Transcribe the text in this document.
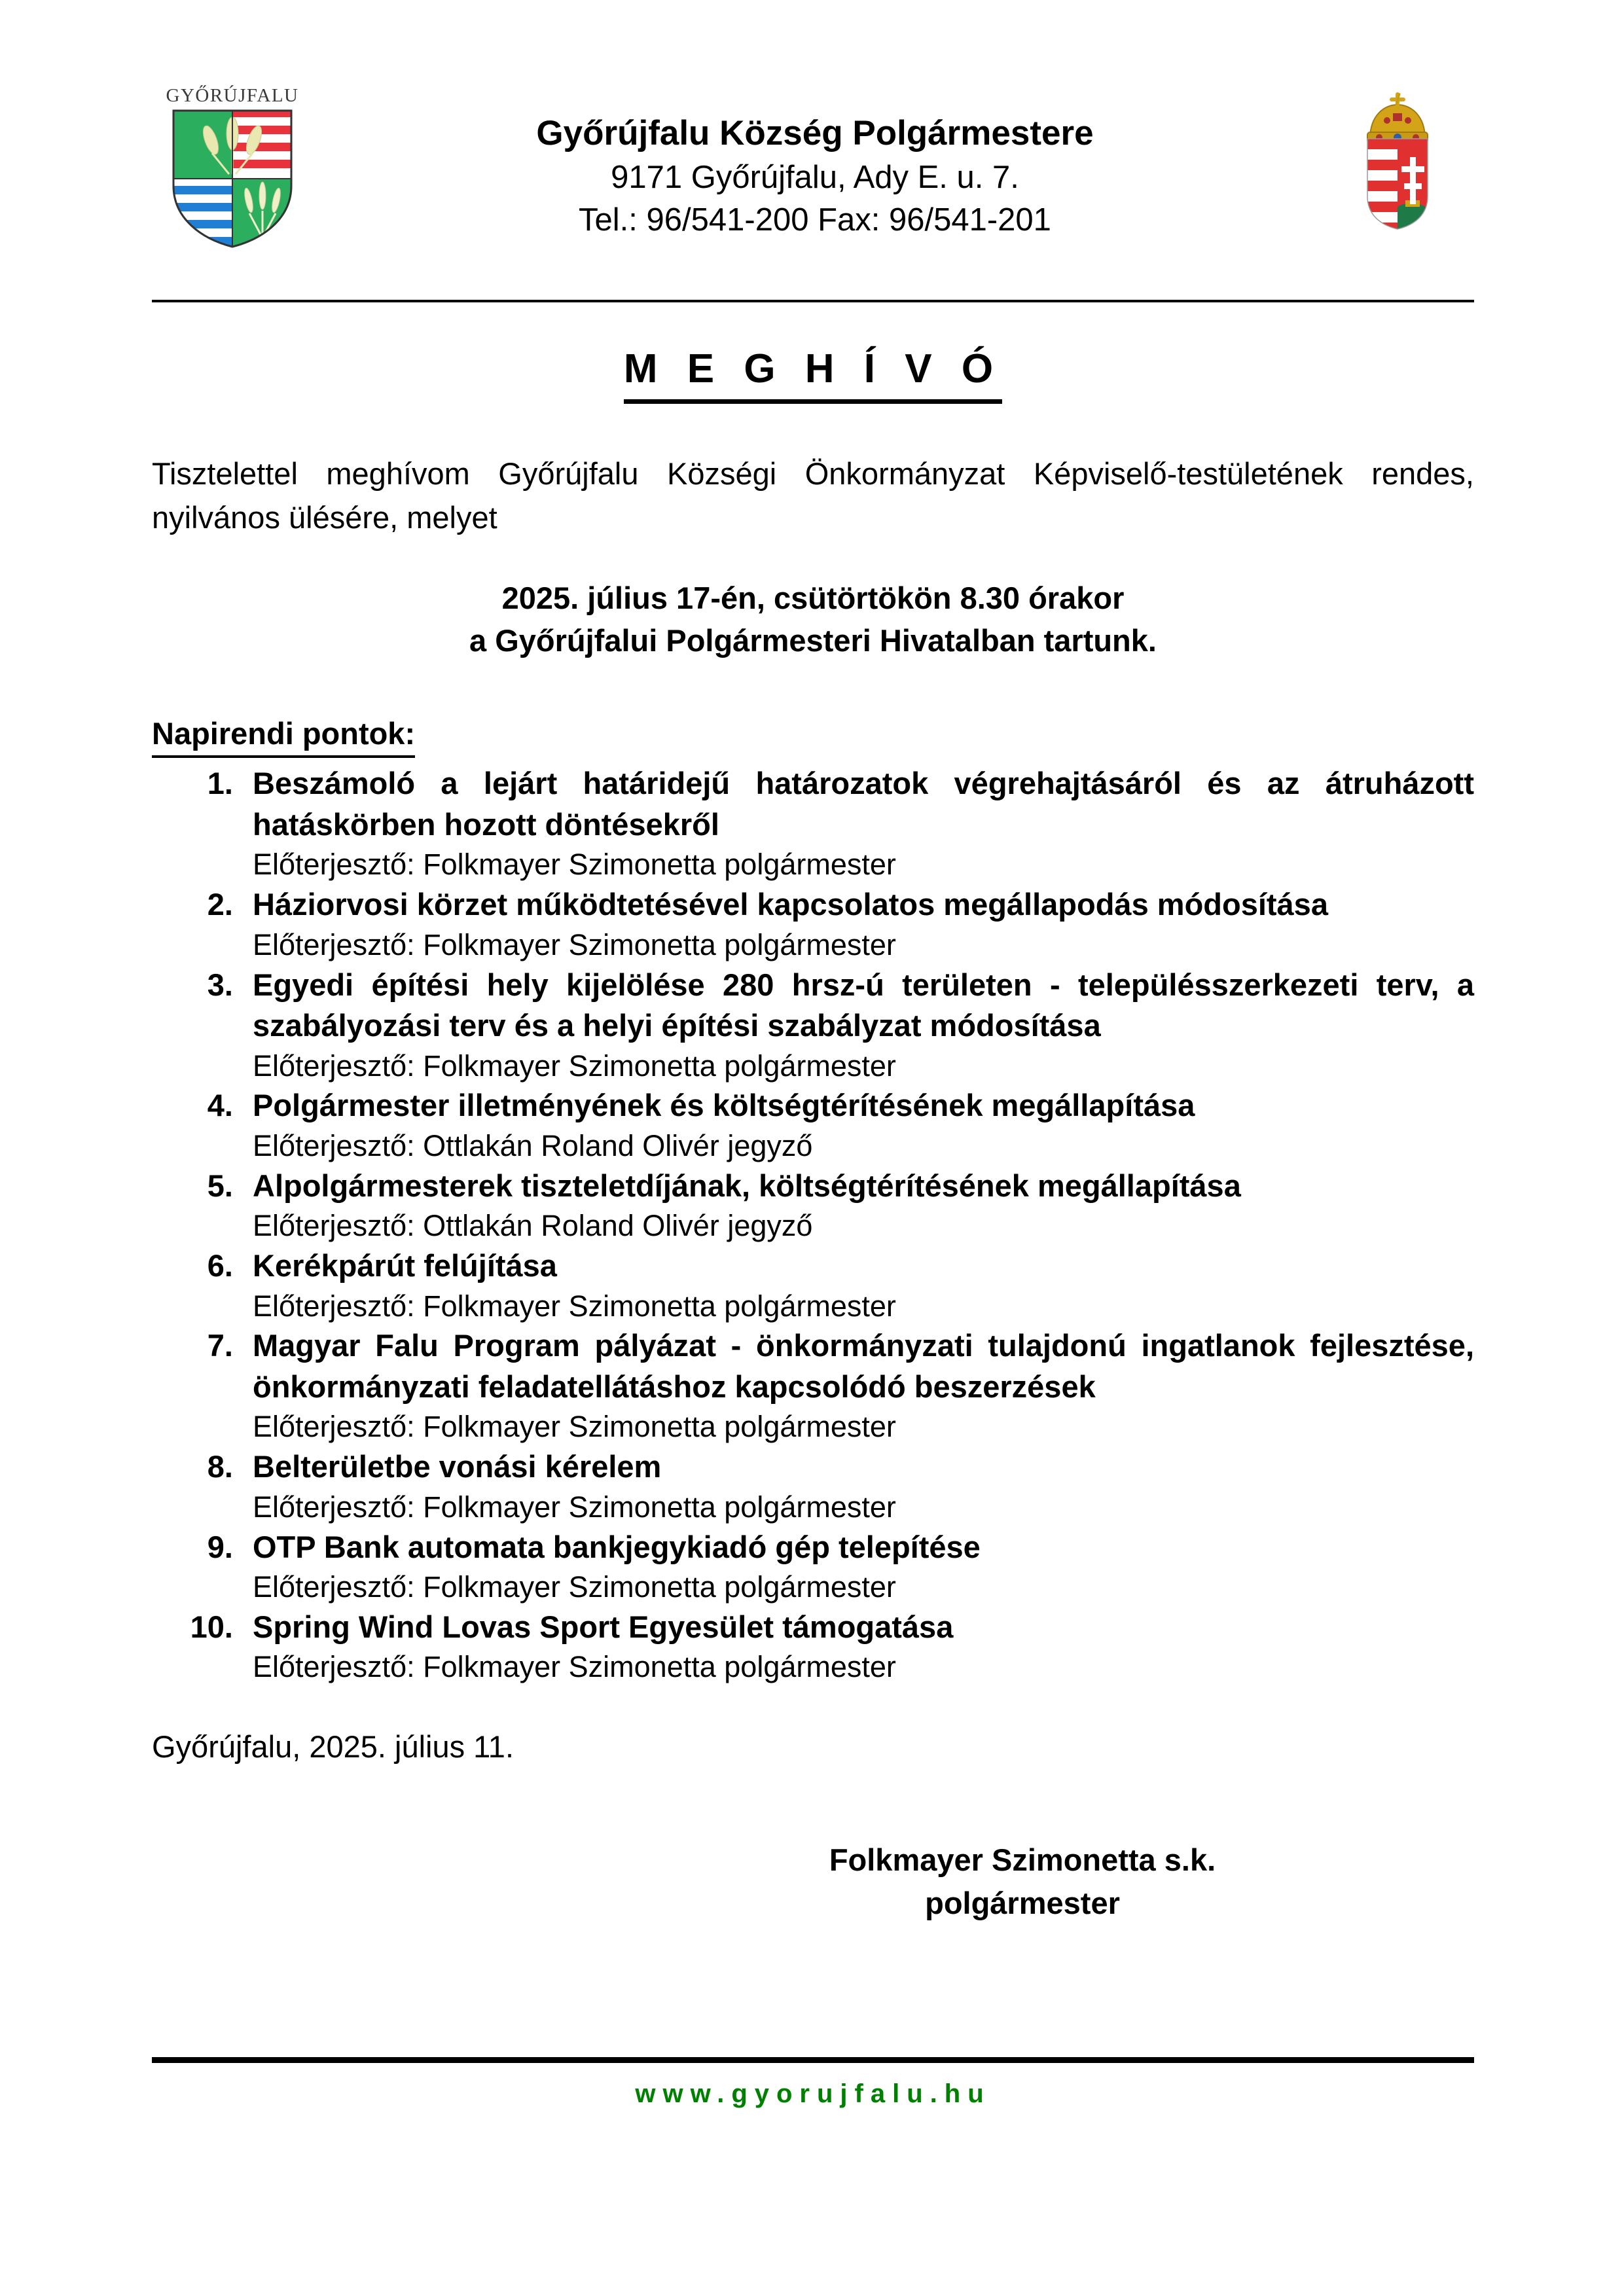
GYŐRÚJFALU
Győrújfalu Község Polgármestere
9171 Győrújfalu, Ady E. u. 7.
Tel.: 96/541-200 Fax: 96/541-201
M E G H Í V Ó

Tisztelettel meghívom Győrújfalu Községi Önkormányzat Képviselő-testületének rendes, nyilvános ülésére, melyet

2025. július 17-én, csütörtökön 8.30 órakor
a Győrújfalui Polgármesteri Hivatalban tartunk.
Napirendi pontok:
1. Beszámoló a lejárt határidejű határozatok végrehajtásáról és az átruházott hatáskörben hozott döntésekről
Előterjesztő: Folkmayer Szimonetta polgármester
2. Háziorvosi körzet működtetésével kapcsolatos megállapodás módosítása
Előterjesztő: Folkmayer Szimonetta polgármester
3. Egyedi építési hely kijelölése 280 hrsz-ú területen - településszerkezeti terv, a szabályozási terv és a helyi építési szabályzat módosítása
Előterjesztő: Folkmayer Szimonetta polgármester
4. Polgármester illetményének és költségtérítésének megállapítása
Előterjesztő: Ottlakán Roland Olivér jegyző
5. Alpolgármesterek tiszteletdíjának, költségtérítésének megállapítása
Előterjesztő: Ottlakán Roland Olivér jegyző
6. Kerékpárút felújítása
Előterjesztő: Folkmayer Szimonetta polgármester
7. Magyar Falu Program pályázat - önkormányzati tulajdonú ingatlanok fejlesztése, önkormányzati feladatellátáshoz kapcsolódó beszerzések
Előterjesztő: Folkmayer Szimonetta polgármester
8. Belterületbe vonási kérelem
Előterjesztő: Folkmayer Szimonetta polgármester
9. OTP Bank automata bankjegykiadó gép telepítése
Előterjesztő: Folkmayer Szimonetta polgármester
10. Spring Wind Lovas Sport Egyesület támogatása
Előterjesztő: Folkmayer Szimonetta polgármester
Győrújfalu, 2025. július 11.
Folkmayer Szimonetta s.k.
polgármester
www.gyorujfalu.hu
